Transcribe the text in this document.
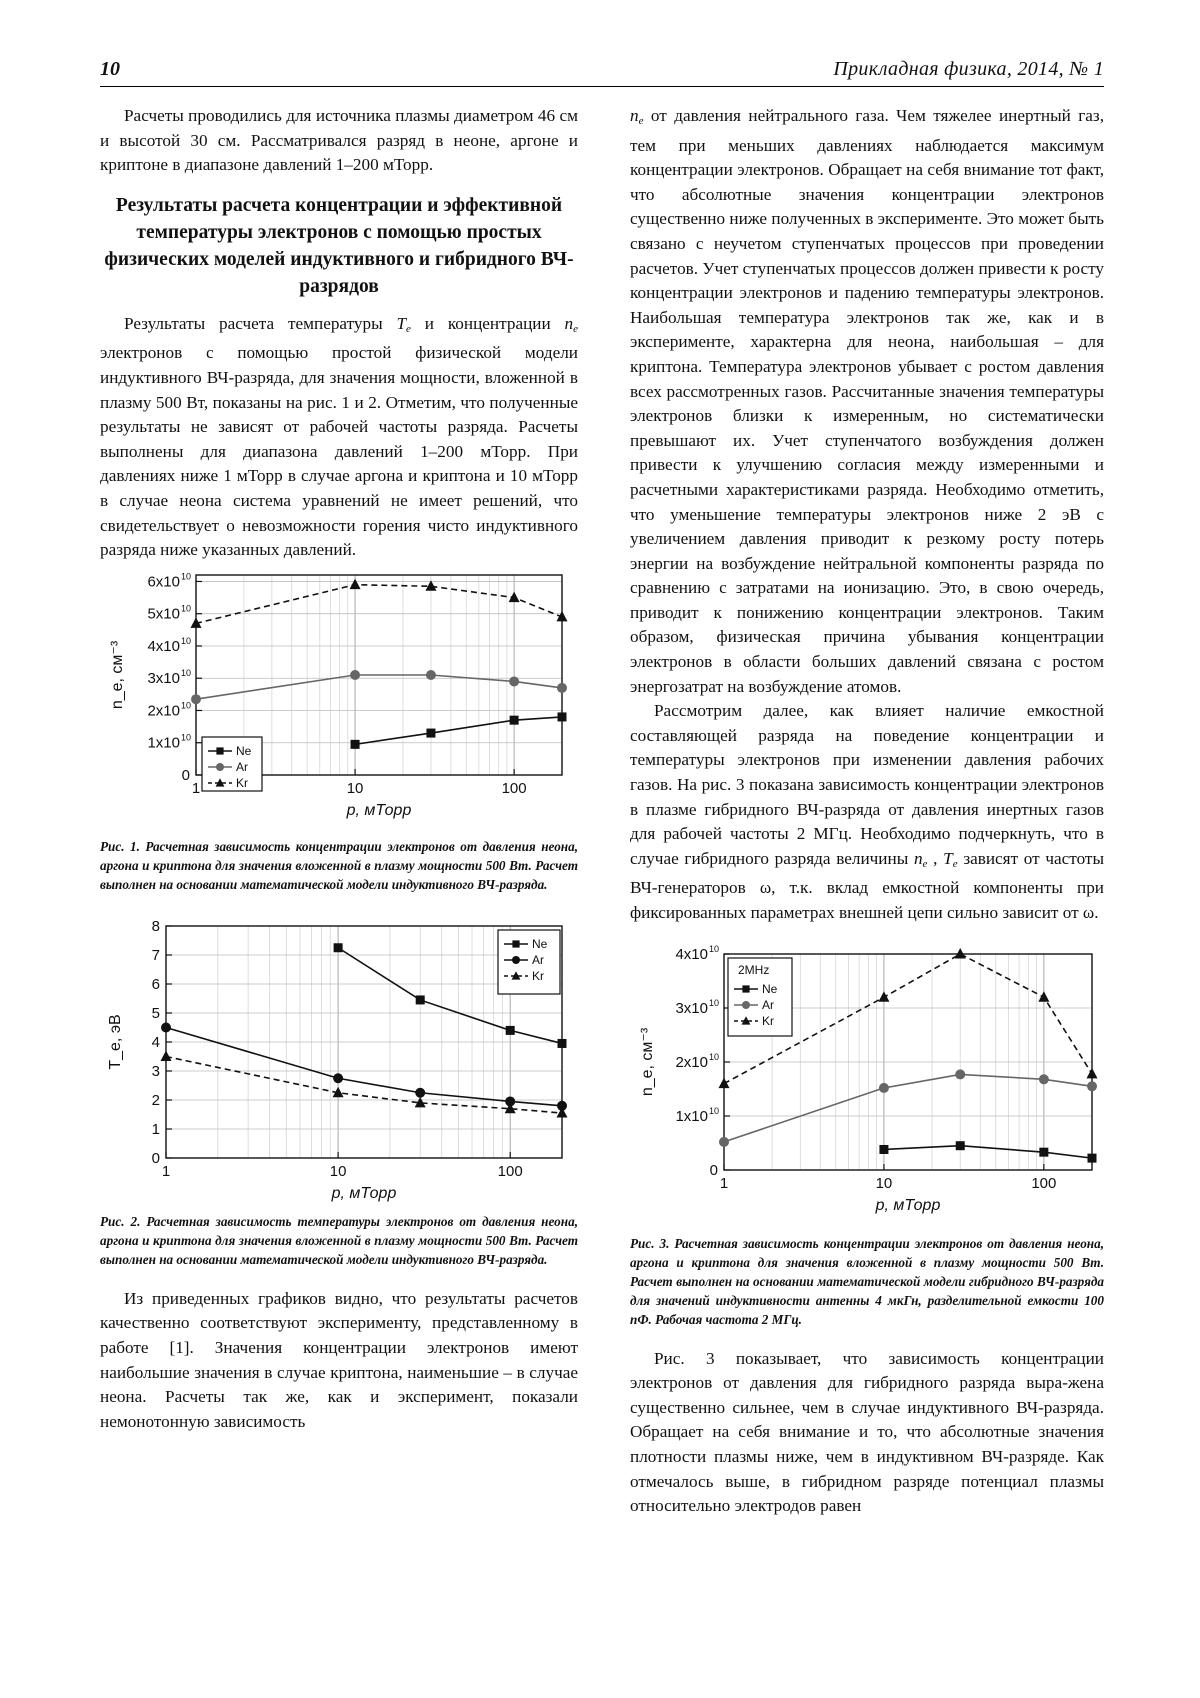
10	Прикладная физика, 2014, № 1

Расчеты проводились для источника плазмы диаметром 46 см и высотой 30 см. Рассматривался разряд в неоне, аргоне и криптоне в диапазоне давлений 1–200 мТорр.

Результаты расчета концентрации и эффективной температуры электронов с помощью простых физических моделей индуктивного и гибридного ВЧ-разрядов

Результаты расчета температуры $T_e$ и концентрации $n_e$ электронов с помощью простой физической модели индуктивного ВЧ-разряда, для значения мощности, вложенной в плазму 500 Вт, показаны на рис. 1 и 2. Отметим, что полученные результаты не зависят от рабочей частоты разряда. Расчеты выполнены для диапазона давлений 1–200 мТорр. При давлениях ниже 1 мТорр в случае аргона и криптона и 10 мТорр в случае неона система уравнений не имеет решений, что свидетельствует о невозможности горения чисто индуктивного разряда ниже указанных давлений.

1	10	100
0
1x10 10
2x10 10
3x10 10
4x10 10
5x10 10
6x10 10
p, мТорр
n_e, см⁻³
Ne
Ar
Kr
Рис. 1. Расчетная зависимость концентрации электронов от давления неона, аргона и криптона для значения вложенной в плазму мощности 500 Вт. Расчет выполнен на основании математической модели индуктивного ВЧ-разряда.
1	10	100
0
1
2
3
4
5
6
7
8
p, мТорр
T_e, эВ
Ne
Ar
Kr
Рис. 2. Расчетная зависимость температуры электронов от давления неона, аргона и криптона для значения вложенной в плазму мощности 500 Вт. Расчет выполнен на основании математической модели индуктивного ВЧ-разряда.

Из приведенных графиков видно, что результаты расчетов качественно соответствуют эксперименту, представленному в работе [1]. Значения концентрации электронов имеют наибольшие значения в случае криптона, наименьшие – в случае неона. Расчеты так же, как и эксперимент, показали немонотонную зависимость

$n_e$ от давления нейтрального газа. Чем тяжелее инертный газ, тем при меньших давлениях наблюдается максимум концентрации электронов. Обращает на себя внимание тот факт, что абсолютные значения концентрации электронов существенно ниже полученных в эксперименте. Это может быть связано с неучетом ступенчатых процессов при проведении расчетов. Учет ступенчатых процессов должен привести к росту концентрации электронов и падению температуры электронов. Наибольшая температура электронов так же, как и в эксперименте, характерна для неона, наибольшая – для криптона. Температура электронов убывает с ростом давления всех рассмотренных газов. Рассчитанные значения температуры электронов близки к измеренным, но систематически превышают их. Учет ступенчатого возбуждения должен привести к улучшению согласия между измеренными и расчетными характеристиками разряда. Необходимо отметить, что уменьшение температуры электронов ниже 2 эВ с увеличением давления приводит к резкому росту потерь энергии на возбуждение нейтральной компоненты разряда по сравнению с затратами на ионизацию. Это, в свою очередь, приводит к понижению концентрации электронов. Таким образом, физическая причина убывания концентрации электронов в области больших давлений связана с ростом энергозатрат на возбуждение атомов.

Рассмотрим далее, как влияет наличие емкостной составляющей разряда на поведение концентрации и температуры электронов при изменении давления рабочих газов. На рис. 3 показана зависимость концентрации электронов в плазме гибридного ВЧ-разряда от давления инертных газов для рабочей частоты 2 МГц. Необходимо подчеркнуть, что в случае гибридного разряда величины $n_e$ , $T_e$ зависят от частоты ВЧ-генераторов ω, т.к. вклад емкостной компоненты при фиксированных параметрах внешней цепи сильно зависит от ω.

1	10	100
0
1x10 10
2x10 10
3x10 10
4x10 10
p, мТорр
n_e, см⁻³
2MHz
Ne
Ar
Kr
Рис. 3. Расчетная зависимость концентрации электронов от давления неона, аргона и криптона для значения вложенной в плазму мощности 500 Вт. Расчет выполнен на основании математической модели гибридного ВЧ-разряда для значений индуктивности антенны 4 мкГн, разделительной емкости 100 пФ. Рабочая частота 2 МГц.

Рис. 3 показывает, что зависимость концентрации электронов от давления для гибридного разряда выра-жена существенно сильнее, чем в случае индуктивного ВЧ-разряда. Обращает на себя внимание и то, что абсолютные значения плотности плазмы ниже, чем в индуктивном ВЧ-разряде. Как отмечалось выше, в гибридном разряде потенциал плазмы относительно электродов равен
